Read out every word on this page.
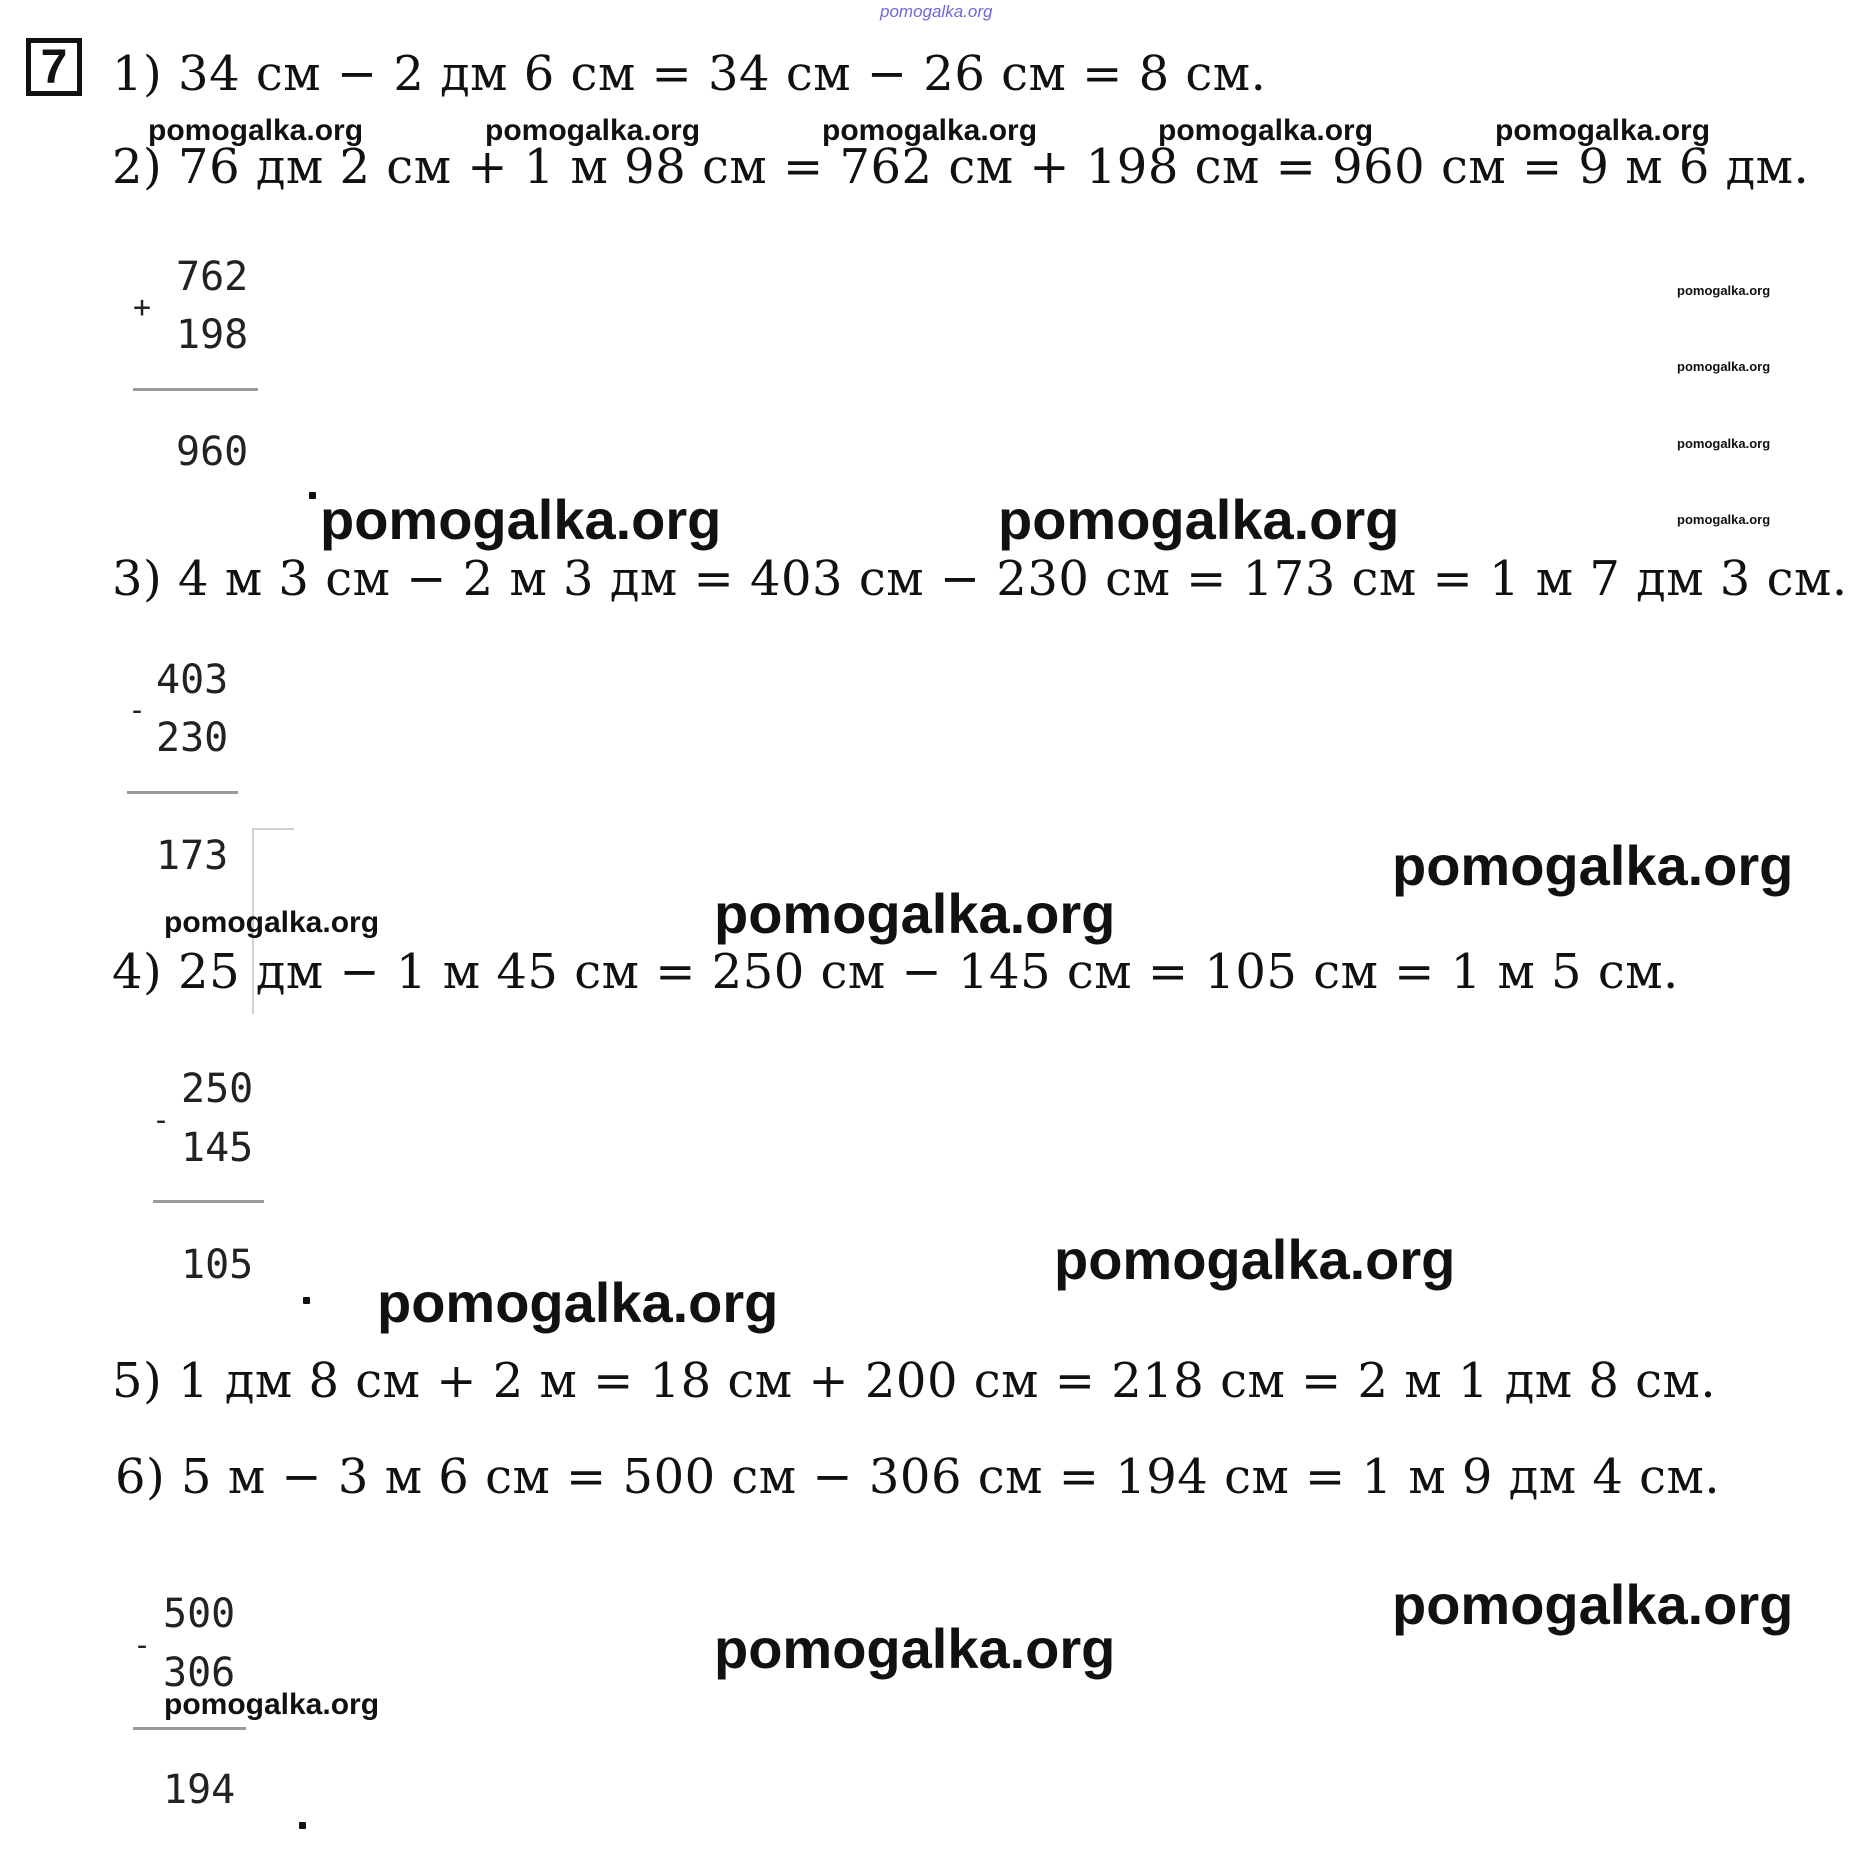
pomogalka.org
7 1) 34 см − 2 дм 6 см = 34 см − 26 см = 8 см.
2) 76 дм 2 см + 1 м 98 см = 762 см + 198 см = 960 см = 9 м 6 дм.
3) 4 м 3 см − 2 м 3 дм = 403 см − 230 см = 173 см = 1 м 7 дм 3 см.
4) 25 дм − 1 м 45 см = 250 см − 145 см = 105 см = 1 м 5 см.
5) 1 дм 8 см + 2 м = 18 см + 200 см = 218 см = 2 м 1 дм 8 см.
6) 5 м − 3 м 6 см = 500 см − 306 см = 194 см = 1 м 9 дм 4 см.
+
762
198
960
-
403
230
173
-
250
145
105
-
500
306
194
pomogalka.org	pomogalka.org	pomogalka.org	pomogalka.org	pomogalka.org
pomogalka.org
pomogalka.org
pomogalka.org
pomogalka.org
pomogalka.org	pomogalka.org
pomogalka.org
pomogalka.org
pomogalka.org
pomogalka.org
pomogalka.org
pomogalka.org
pomogalka.org
pomogalka.org
